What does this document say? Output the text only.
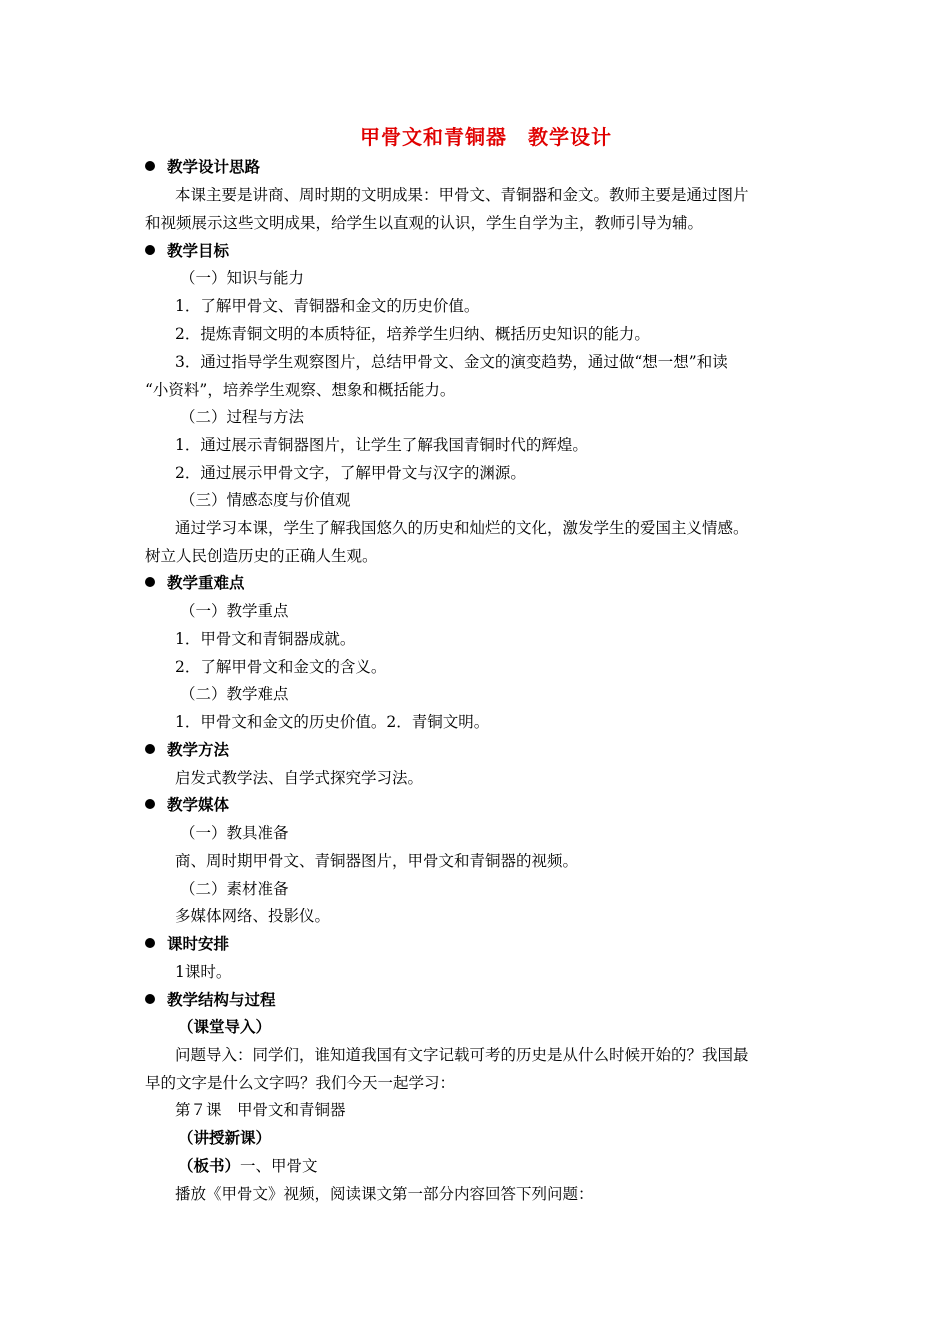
甲骨文和青铜器　教学设计
教学设计思路
本课主要是讲商、周时期的文明成果：甲骨文、青铜器和金文。教师主要是通过图片
和视频展示这些文明成果，给学生以直观的认识，学生自学为主，教师引导为辅。
教学目标
（一）知识与能力
1．了解甲骨文、青铜器和金文的历史价值。
2．提炼青铜文明的本质特征，培养学生归纳、概括历史知识的能力。
3．通过指导学生观察图片，总结甲骨文、金文的演变趋势，通过做“想一想”和读
“小资料”，培养学生观察、想象和概括能力。
（二）过程与方法
1．通过展示青铜器图片，让学生了解我国青铜时代的辉煌。
2．通过展示甲骨文字，了解甲骨文与汉字的渊源。
（三）情感态度与价值观
通过学习本课，学生了解我国悠久的历史和灿烂的文化，激发学生的爱国主义情感。
树立人民创造历史的正确人生观。
教学重难点
（一）教学重点
1．甲骨文和青铜器成就。
2．了解甲骨文和金文的含义。
（二）教学难点
1．甲骨文和金文的历史价值。2．青铜文明。
教学方法
启发式教学法、自学式探究学习法。
教学媒体
（一）教具准备
商、周时期甲骨文、青铜器图片，甲骨文和青铜器的视频。
（二）素材准备
多媒体网络、投影仪。
课时安排
1课时。
教学结构与过程
（课堂导入）
问题导入：同学们，谁知道我国有文字记载可考的历史是从什么时候开始的？我国最
早的文字是什么文字吗？我们今天一起学习：
第７课　甲骨文和青铜器
（讲授新课）
（板书）一、甲骨文
播放《甲骨文》视频，阅读课文第一部分内容回答下列问题：
